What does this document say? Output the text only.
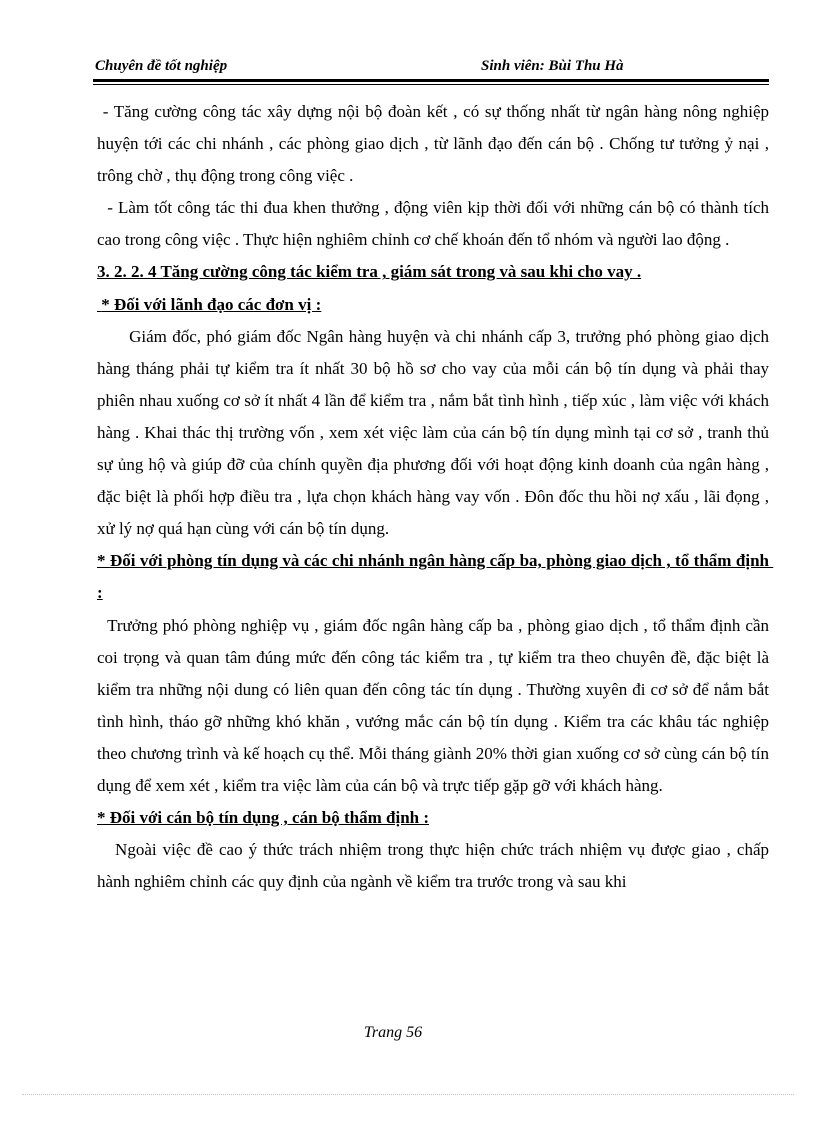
Chuyên đề tốt nghiệp	Sinh viên: Bùi Thu Hà

- Tăng cường công tác xây dựng nội bộ đoàn kết , có sự thống nhất từ ngân hàng nông nghiệp huyện tới các chi nhánh , các phòng giao dịch , từ lãnh đạo đến cán bộ . Chống tư tưởng ỷ nại , trông chờ , thụ động trong công việc .

- Làm tốt công tác thi đua khen thưởng , động viên kịp thời đối với những cán bộ có thành tích cao trong công việc . Thực hiện nghiêm chỉnh cơ chế khoán đến tổ nhóm và người lao động .

3. 2. 2. 4 Tăng cường công tác kiểm tra , giám sát trong và sau khi cho vay .

* Đối với lãnh đạo các đơn vị :

Giám đốc, phó giám đốc Ngân hàng huyện và chi nhánh cấp 3, trưởng phó phòng giao dịch hàng tháng phải tự kiểm tra ít nhất 30 bộ hồ sơ cho vay của mỗi cán bộ tín dụng và phải thay phiên nhau xuống cơ sở ít nhất 4 lần để kiểm tra , nắm bắt tình hình , tiếp xúc , làm việc với khách hàng . Khai thác thị trường vốn , xem xét việc làm của cán bộ tín dụng mình tại cơ sở , tranh thủ sự ủng hộ và giúp đỡ của chính quyền địa phương đối với hoạt động kinh doanh của ngân hàng , đặc biệt là phối hợp điều tra , lựa chọn khách hàng vay vốn . Đôn đốc thu hồi nợ xấu , lãi đọng , xử lý nợ quá hạn cùng với cán bộ tín dụng.

* Đối với phòng tín dụng và các chi nhánh ngân hàng cấp ba, phòng giao dịch , tổ thẩm định :

Trưởng phó phòng nghiệp vụ , giám đốc ngân hàng cấp ba , phòng giao dịch , tổ thẩm định cần coi trọng và quan tâm đúng mức đến công tác kiểm tra , tự kiểm tra theo chuyên đề, đặc biệt là kiểm tra những nội dung có liên quan đến công tác tín dụng . Thường xuyên đi cơ sở để nắm bắt tình hình, tháo gỡ những khó khăn , vướng mắc cán bộ tín dụng . Kiểm tra các khâu tác nghiệp theo chương trình và kế hoạch cụ thể. Mỗi tháng giành 20% thời gian xuống cơ sở cùng cán bộ tín dụng để xem xét , kiểm tra việc làm của cán bộ và trực tiếp gặp gỡ với khách hàng.

* Đối với cán bộ tín dụng , cán bộ thẩm định :

Ngoài việc đề cao ý thức trách nhiệm trong thực hiện chức trách nhiệm vụ được giao , chấp hành nghiêm chỉnh các quy định của ngành về kiểm tra trước trong và sau khi

Trang 56
